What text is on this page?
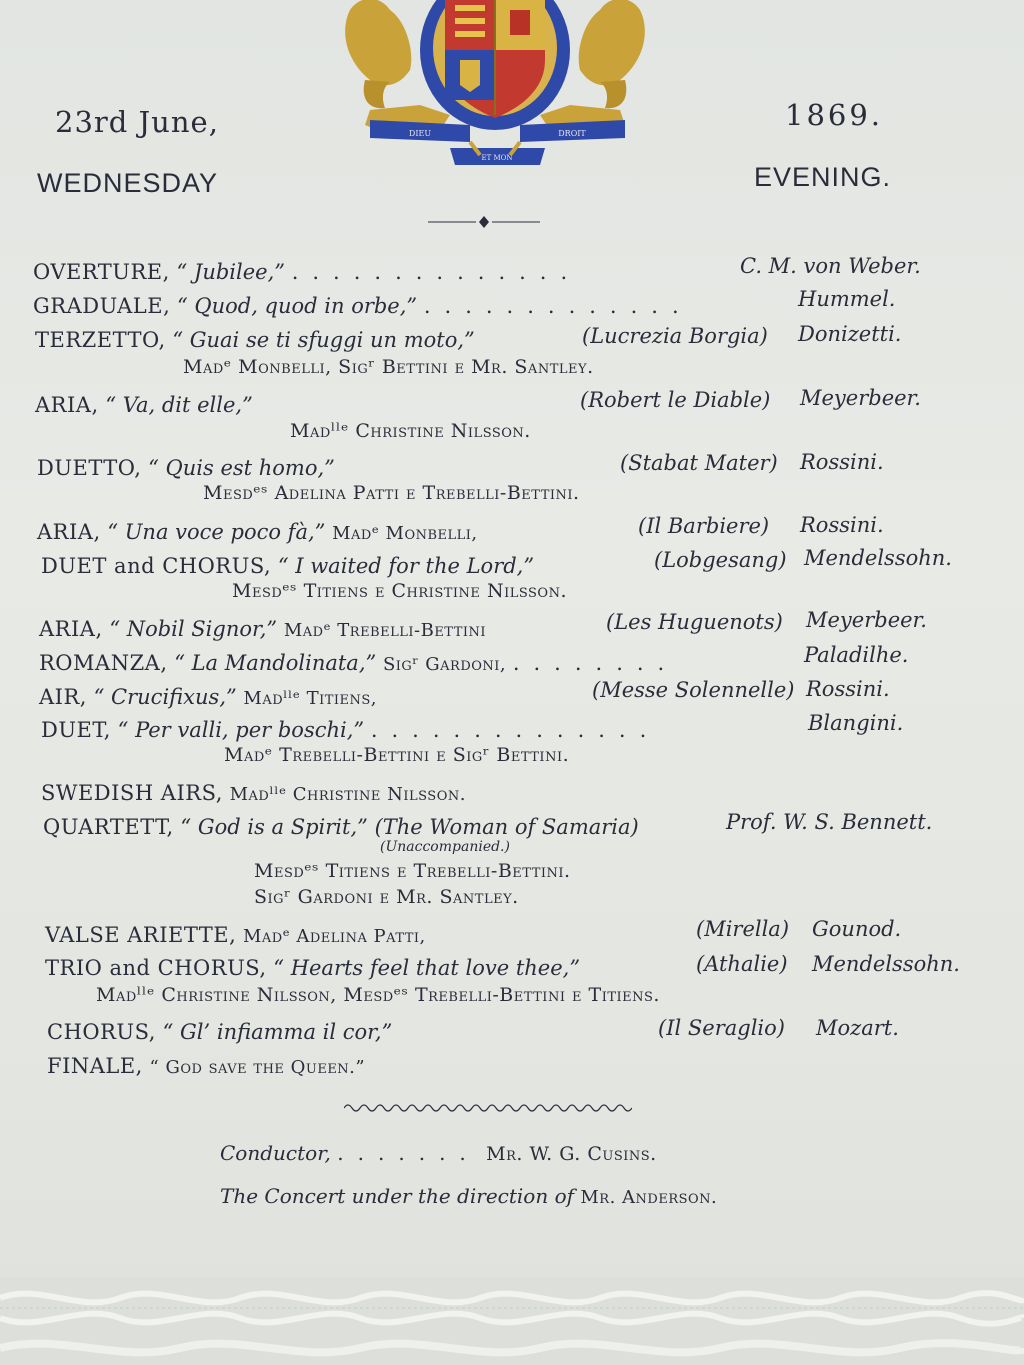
DIEU	DROIT
ET MON
23rd June,	1869.
WEDNESDAY	EVENING.
OVERTURE, “ Jubilee,” ..............	C. M. von Weber.
GRADUALE, “ Quod, quod in orbe,” .............	Hummel.
TERZETTO, “ Guai se ti sfuggi un moto,”	(Lucrezia Borgia) Donizetti.
Madᵉ Monbelli, Sigʳ Bettini e Mr. Santley.
ARIA, “ Va, dit elle,”	(Robert le Diable) Meyerbeer.
Madˡˡᵉ Christine Nilsson.
DUETTO, “ Quis est homo,”	(Stabat Mater) Rossini.
Mesdᵉˢ Adelina Patti e Trebelli-Bettini.
ARIA, “ Una voce poco fà,” Madᵉ Monbelli,	(Il Barbiere) Rossini.
DUET and CHORUS, “ I waited for the Lord,”	(Lobgesang) Mendelssohn.
Mesdᵉˢ Titiens e Christine Nilsson.
ARIA, “ Nobil Signor,” Madᵉ Trebelli-Bettini	(Les Huguenots) Meyerbeer.
ROMANZA, “ La Mandolinata,” Sigʳ Gardoni, ........	Paladilhe.
AIR, “ Crucifixus,” Madˡˡᵉ Titiens,	(Messe Solennelle) Rossini.
DUET, “ Per valli, per boschi,” ..............	Blangini.
Madᵉ Trebelli-Bettini e Sigʳ Bettini.
SWEDISH AIRS, Madˡˡᵉ Christine Nilsson.
QUARTETT, “ God is a Spirit,” (The Woman of Samaria)	Prof. W. S. Bennett.
(Unaccompanied.)
Mesdᵉˢ Titiens e Trebelli-Bettini.
Sigʳ Gardoni e Mr. Santley.
VALSE ARIETTE, Madᵉ Adelina Patti,	(Mirella) Gounod.
TRIO and CHORUS, “ Hearts feel that love thee,”	(Athalie) Mendelssohn.
Madˡˡᵉ Christine Nilsson, Mesdᵉˢ Trebelli-Bettini e Titiens.
CHORUS, “ Gl’ infiamma il cor,”	(Il Seraglio) Mozart.
FINALE, “ God save the Queen.”
Conductor, ....... Mr. W. G. Cusins.
The Concert under the direction of Mr. Anderson.
